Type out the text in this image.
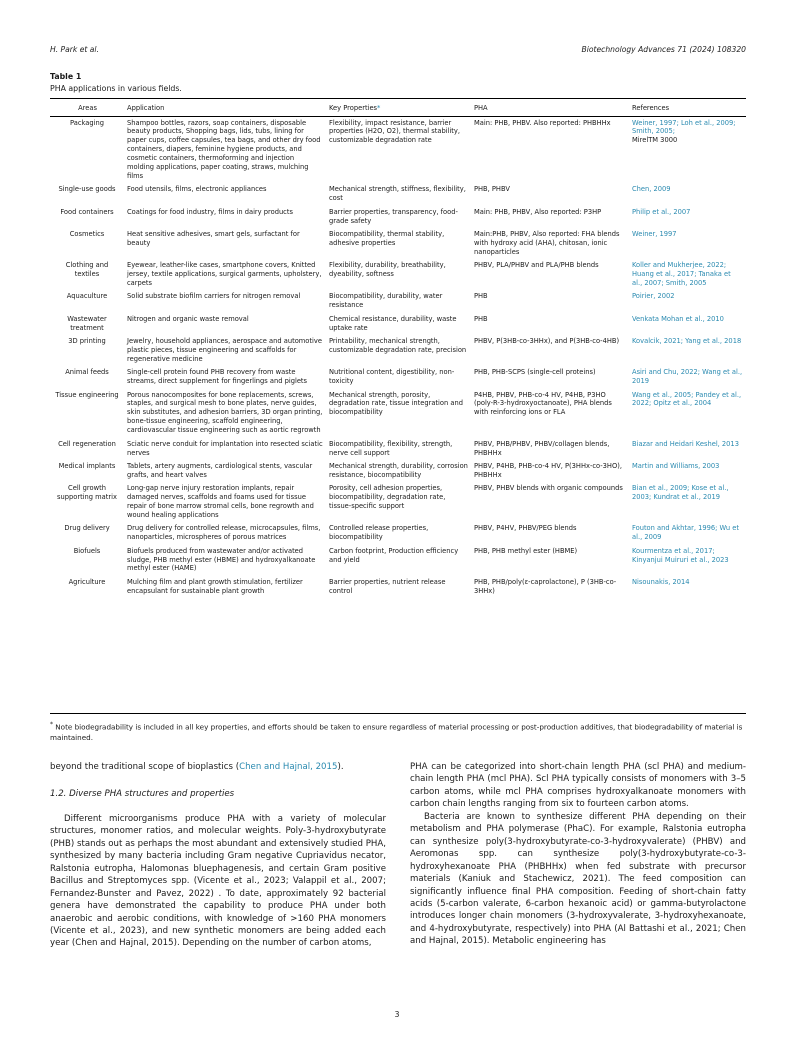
H. Park et al.	Biotechnology Advances 71 (2024) 108320
Table 1
PHA applications in various fields.
Areas	Application	Key Properties*	PHA	References
Packaging	Shampoo bottles, razors, soap containers, disposable beauty products, Shopping bags, lids, tubs, lining for paper cups, coffee capsules, tea bags, and other dry food containers, diapers, feminine hygiene products, and cosmetic containers, thermoforming and injection molding applications, paper coating, straws, mulching films	Flexibility, impact resistance, barrier properties (H2O, O2), thermal stability, customizable degradation rate	Main: PHB, PHBV. Also reported: PHBHHx	Weiner, 1997; Loh et al., 2009; Smith, 2005;
MirelTM 3000

Single-use goods	Food utensils, films, electronic appliances	Mechanical strength, stiffness, flexibility, cost	PHB, PHBV	Chen, 2009
Food containers	Coatings for food industry, films in dairy products	Barrier properties, transparency, food-grade safety	Main: PHB, PHBV, Also reported: P3HP	Philip et al., 2007
Cosmetics	Heat sensitive adhesives, smart gels, surfactant for beauty	Biocompatibility, thermal stability, adhesive properties	Main:PHB, PHBV, Also reported: FHA blends with hydroxy acid (AHA), chitosan, ionic nanoparticles	Weiner, 1997
Clothing and textiles	Eyewear, leather-like cases, smartphone covers, Knitted jersey, textile applications, surgical garments, upholstery, carpets	Flexibility, durability, breathability, dyeability, softness	PHBV, PLA/PHBV and PLA/PHB blends	Koller and Mukherjee, 2022; Huang et al., 2017; Tanaka et al., 2007; Smith, 2005
Aquaculture	Solid substrate biofilm carriers for nitrogen removal	Biocompatibility, durability, water resistance	PHB	Poirier, 2002
Wastewater treatment	Nitrogen and organic waste removal	Chemical resistance, durability, waste uptake rate	PHB	Venkata Mohan et al., 2010
3D printing	Jewelry, household appliances, aerospace and automotive plastic pieces, tissue engineering and scaffolds for regenerative medicine	Printability, mechanical strength, customizable degradation rate, precision	PHBV, P(3HB-co-3HHx), and P(3HB-co-4HB)	Kovalcik, 2021; Yang et al., 2018
Animal feeds	Single-cell protein found PHB recovery from waste streams, direct supplement for fingerlings and piglets	Nutritional content, digestibility, non-toxicity	PHB, PHB-SCPS (single-cell proteins)	Asiri and Chu, 2022; Wang et al., 2019
Tissue engineering	Porous nanocomposites for bone replacements, screws, staples, and surgical mesh to bone plates, nerve guides, skin substitutes, and adhesion barriers, 3D organ printing, bone-tissue engineering, scaffold engineering, cardiovascular tissue engineering such as aortic regrowth	Mechanical strength, porosity, degradation rate, tissue integration and biocompatibility	P4HB, PHBV, PHB-co-4 HV, P4HB, P3HO (poly-R-3-hydroxyoctanoate), PHA blends with reinforcing ions or FLA	Wang et al., 2005; Pandey et al., 2022; Opitz et al., 2004
Cell regeneration	Sciatic nerve conduit for implantation into resected sciatic nerves	Biocompatibility, flexibility, strength, nerve cell support	PHBV, PHB/PHBV, PHBV/collagen blends, PHBHHx	Biazar and Heidari Keshel, 2013
Medical implants	Tablets, artery augments, cardiological stents, vascular grafts, and heart valves	Mechanical strength, durability, corrosion resistance, biocompatibility	PHBV, P4HB, PHB-co-4 HV, P(3HHx-co-3HO), PHBHHx	Martin and Williams, 2003
Cell growth supporting matrix	Long-gap nerve injury restoration implants, repair damaged nerves, scaffolds and foams used for tissue repair of bone marrow stromal cells, bone regrowth and wound healing applications	Porosity, cell adhesion properties, biocompatibility, degradation rate, tissue-specific support	PHBV, PHBV blends with organic compounds	Bian et al., 2009; Kose et al., 2003; Kundrat et al., 2019
Drug delivery	Drug delivery for controlled release, microcapsules, films, nanoparticles, microspheres of porous matrices	Controlled release properties, biocompatibility	PHBV, P4HV, PHBV/PEG blends	Fouton and Akhtar, 1996; Wu et al., 2009
Biofuels	Biofuels produced from wastewater and/or activated sludge, PHB methyl ester (HBME) and hydroxyalkanoate methyl ester (HAME)	Carbon footprint, Production efficiency and yield	PHB, PHB methyl ester (HBME)	Kourmentza et al., 2017; Kinyanjui Muiruri et al., 2023
Agriculture	Mulching film and plant growth stimulation, fertilizer encapsulant for sustainable plant growth	Barrier properties, nutrient release control	PHB, PHB/poly(ε-caprolactone), P (3HB-co-3HHx)	Nisounakis, 2014
* Note biodegradability is included in all key properties, and efforts should be taken to ensure regardless of material processing or post-production additives, that biodegradability of material is maintained.

beyond the traditional scope of bioplastics (Chen and Hajnal, 2015).

1.2. Diverse PHA structures and properties

Different microorganisms produce PHA with a variety of molecular structures, monomer ratios, and molecular weights. Poly-3-hydroxybutyrate (PHB) stands out as perhaps the most abundant and extensively studied PHA, synthesized by many bacteria including Gram negative Cupriavidus necator, Ralstonia eutropha, Halomonas bluephagenesis, and certain Gram positive Bacillus and Streptomyces spp. (Vicente et al., 2023; Valappil et al., 2007; Fernandez-Bunster and Pavez, 2022) . To date, approximately 92 bacterial genera have demonstrated the capability to produce PHA under both anaerobic and aerobic conditions, with knowledge of >160 PHA monomers (Vicente et al., 2023), and new synthetic monomers are being added each year (Chen and Hajnal, 2015). Depending on the number of carbon atoms,

PHA can be categorized into short-chain length PHA (scl PHA) and medium-chain length PHA (mcl PHA). Scl PHA typically consists of monomers with 3–5 carbon atoms, while mcl PHA comprises hydroxyalkanoate monomers with carbon chain lengths ranging from six to fourteen carbon atoms.

Bacteria are known to synthesize different PHA depending on their metabolism and PHA polymerase (PhaC). For example, Ralstonia eutropha can synthesize poly(3-hydroxybutyrate-co-3-hydroxyvalerate) (PHBV) and Aeromonas spp. can synthesize poly(3-hydroxybutyrate-co-3-hydroxyhexanoate PHA (PHBHHx) when fed substrate with precursor materials (Kaniuk and Stachewicz, 2021). The feed composition can significantly influence final PHA composition. Feeding of short-chain fatty acids (5-carbon valerate, 6-carbon hexanoic acid) or gamma-butyrolactone introduces longer chain monomers (3-hydroxyvalerate, 3-hydroxyhexanoate, and 4-hydroxybutyrate, respectively) into PHA (Al Battashi et al., 2021; Chen and Hajnal, 2015). Metabolic engineering has

3
